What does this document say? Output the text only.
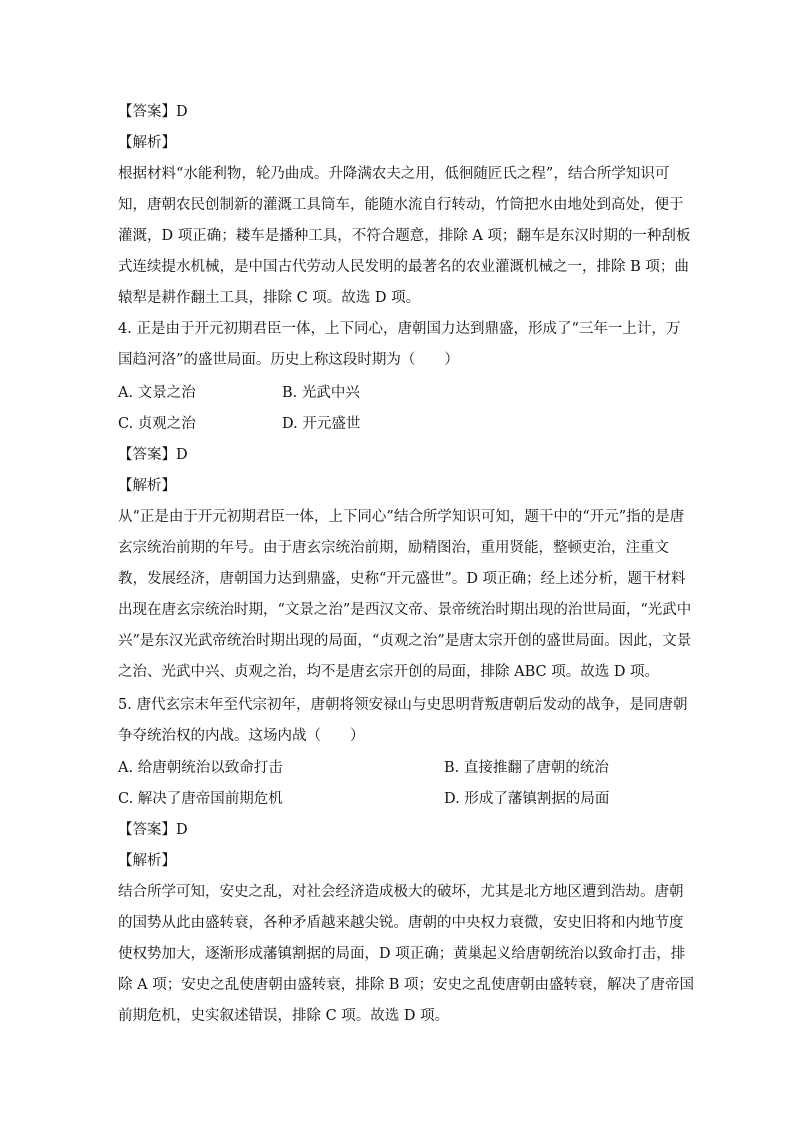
【答案】D
【解析】
根据材料“水能利物，轮乃曲成。升降满农夫之用，低徊随匠氏之程”，结合所学知识可
知，唐朝农民创制新的灌溉工具筒车，能随水流自行转动，竹筒把水由地处到高处，便于
灌溉，D 项正确；耧车是播种工具，不符合题意，排除 A 项；翻车是东汉时期的一种刮板
式连续提水机械，是中国古代劳动人民发明的最著名的农业灌溉机械之一，排除 B 项；曲
辕犁是耕作翻土工具，排除 C 项。故选 D 项。
4. 正是由于开元初期君臣一体，上下同心，唐朝国力达到鼎盛，形成了“三年一上计，万
国趋河洛”的盛世局面。历史上称这段时期为（　　）
A. 文景之治	B. 光武中兴
C. 贞观之治	D. 开元盛世
【答案】D
【解析】
从“正是由于开元初期君臣一体，上下同心”结合所学知识可知，题干中的“开元”指的是唐
玄宗统治前期的年号。由于唐玄宗统治前期，励精图治，重用贤能，整顿吏治，注重文
教，发展经济，唐朝国力达到鼎盛，史称“开元盛世”。D 项正确；经上述分析，题干材料
出现在唐玄宗统治时期，“文景之治”是西汉文帝、景帝统治时期出现的治世局面，“光武中
兴”是东汉光武帝统治时期出现的局面，“贞观之治”是唐太宗开创的盛世局面。因此，文景
之治、光武中兴、贞观之治，均不是唐玄宗开创的局面，排除 ABC 项。故选 D 项。
5. 唐代玄宗末年至代宗初年，唐朝将领安禄山与史思明背叛唐朝后发动的战争，是同唐朝
争夺统治权的内战。这场内战（　　）
A. 给唐朝统治以致命打击	B. 直接推翻了唐朝的统治
C. 解决了唐帝国前期危机	D. 形成了藩镇割据的局面
【答案】D
【解析】
结合所学可知，安史之乱，对社会经济造成极大的破坏，尤其是北方地区遭到浩劫。唐朝
的国势从此由盛转衰，各种矛盾越来越尖锐。唐朝的中央权力衰微，安史旧将和内地节度
使权势加大，逐渐形成藩镇割据的局面，D 项正确；黄巢起义给唐朝统治以致命打击，排
除 A 项；安史之乱使唐朝由盛转衰，排除 B 项；安史之乱使唐朝由盛转衰，解决了唐帝国
前期危机，史实叙述错误，排除 C 项。故选 D 项。
